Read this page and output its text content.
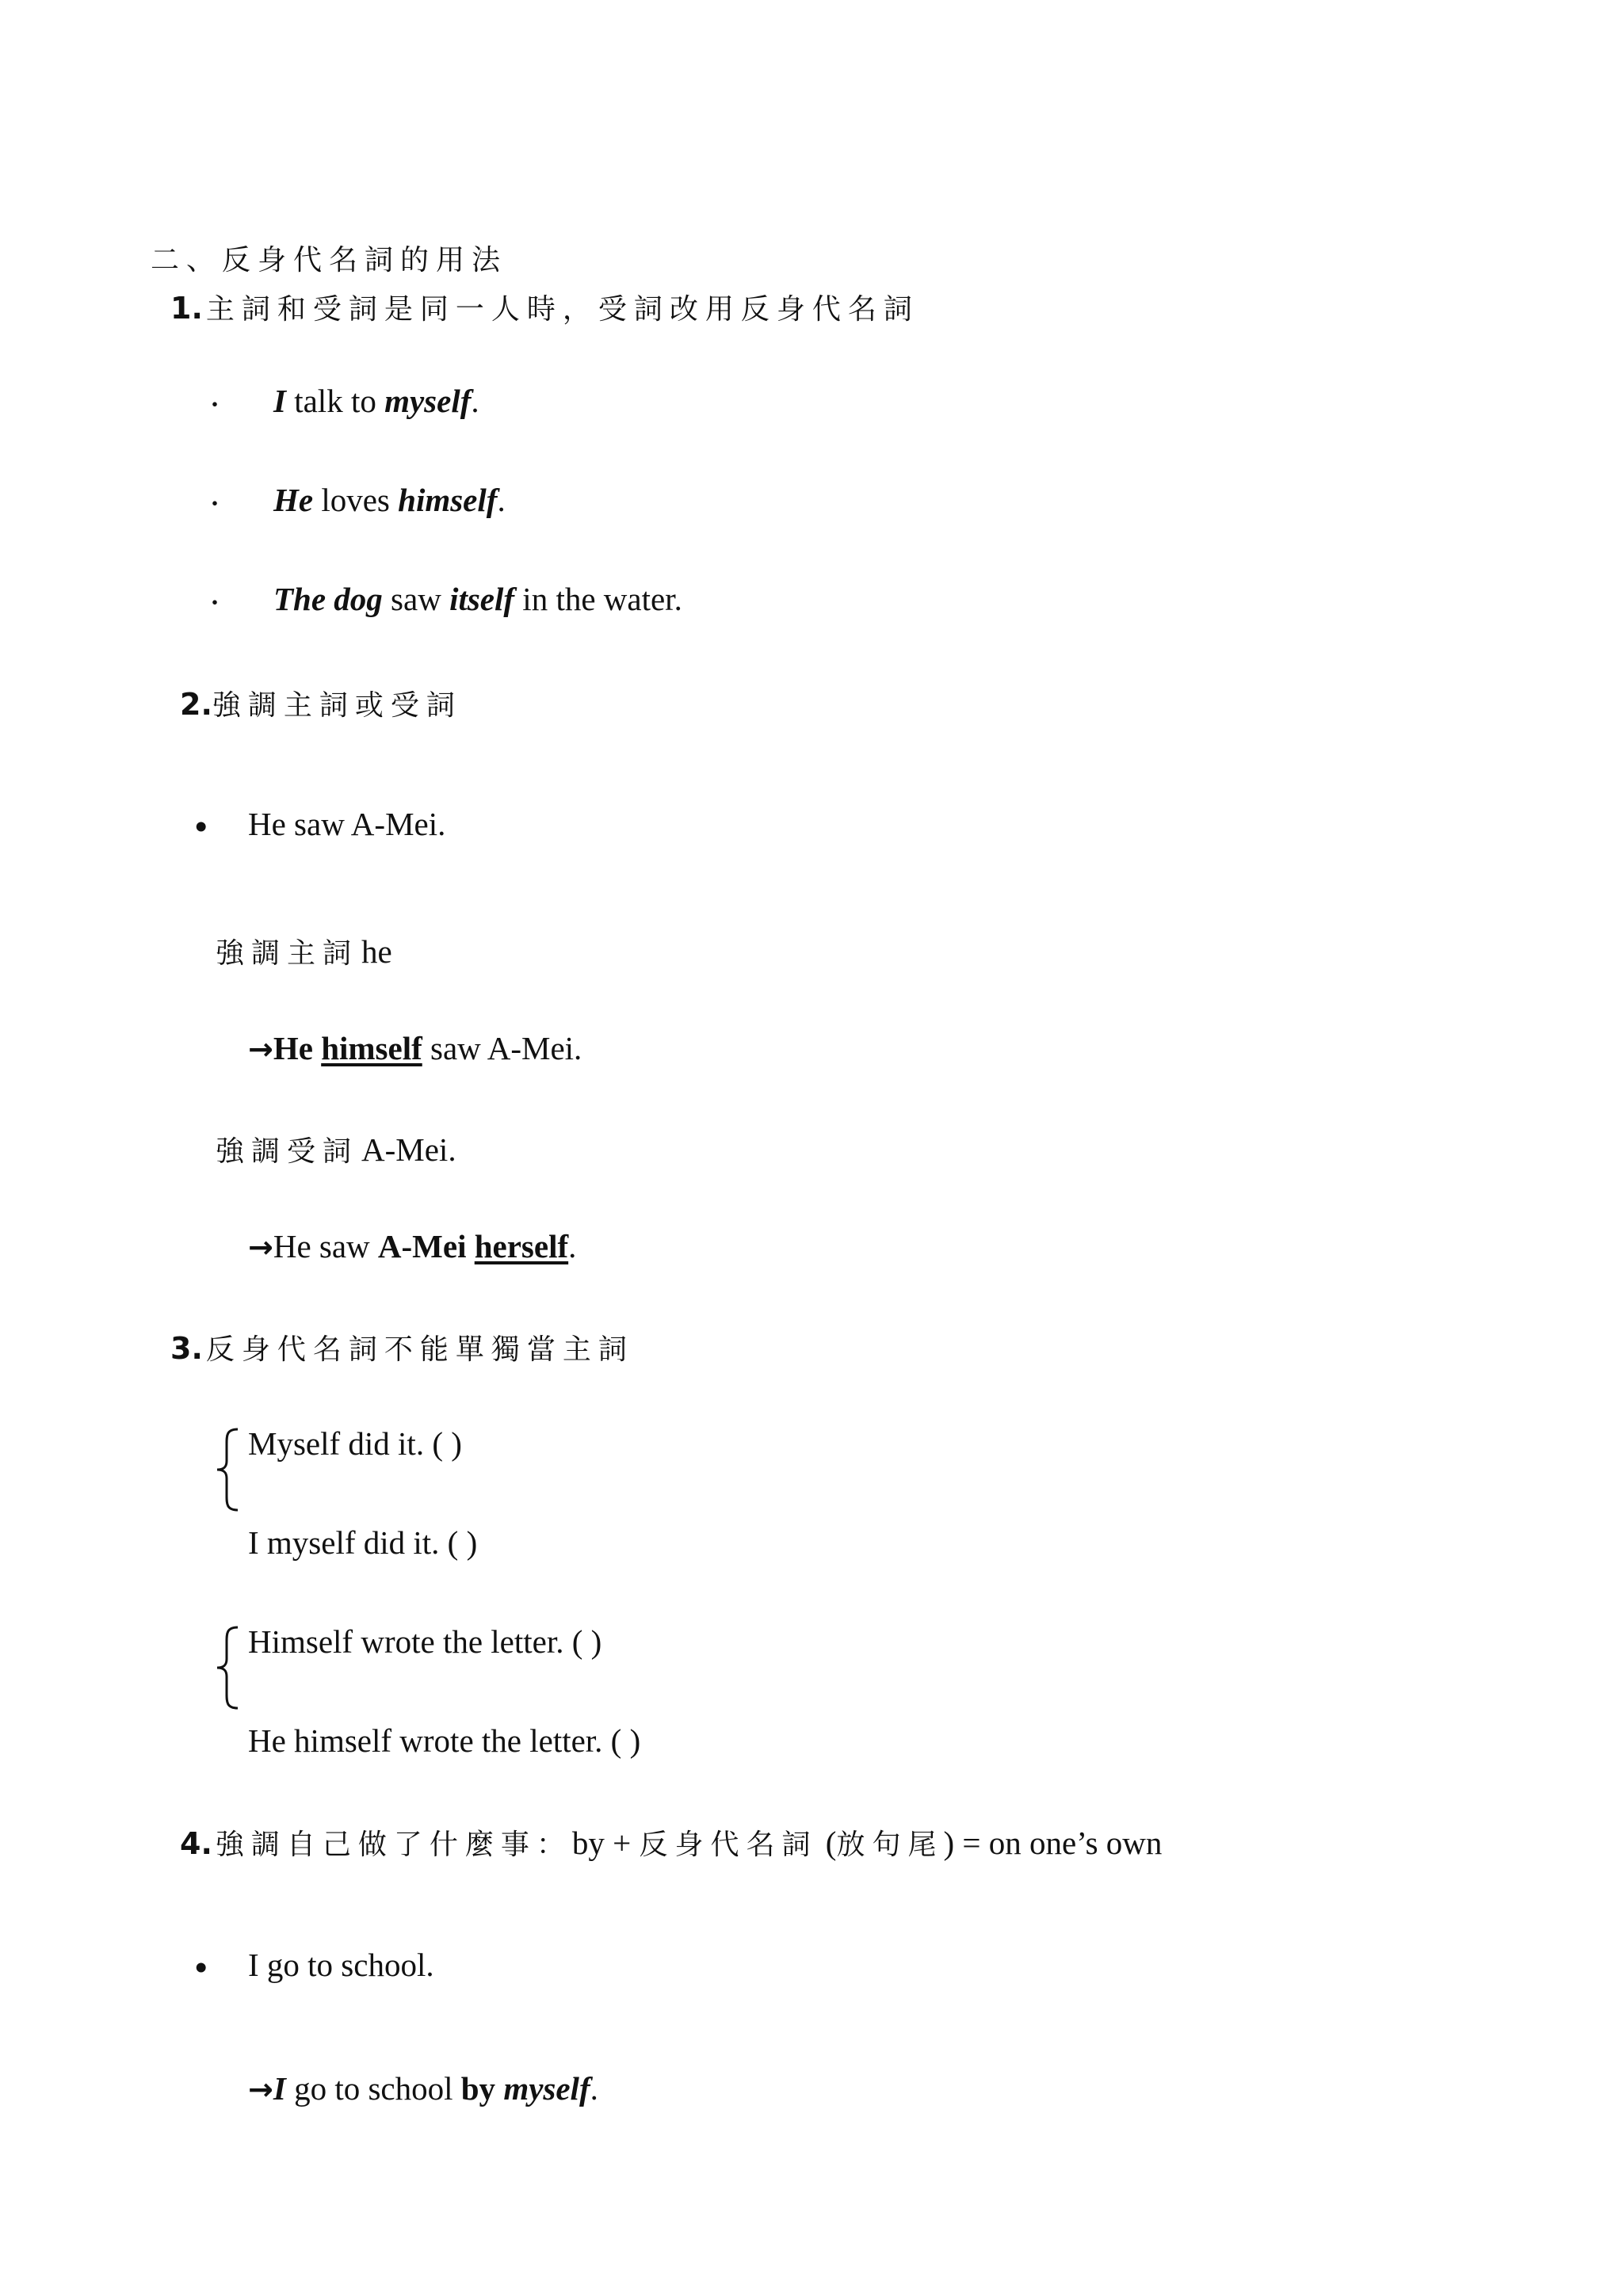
二、反身代名詞的用法
1. 主詞和受詞是同一人時，受詞改用反身代名詞
・ I talk to myself.
・ He loves himself.
・ The dog saw itself in the water.
2.強調主詞或受詞
• He saw A-Mei.
強調主詞 he
→He himself saw A-Mei.
強調受詞 A-Mei.
→He saw A-Mei herself.
3. 反身代名詞不能單獨當主詞
Myself did it. ( )
I myself did it. ( )
Himself wrote the letter. ( )
He himself wrote the letter. ( )
4. 強調自己做了什麼事：by + 反身代名詞 (放句尾) = on one’s own
• I go to school.
→I go to school by myself.
